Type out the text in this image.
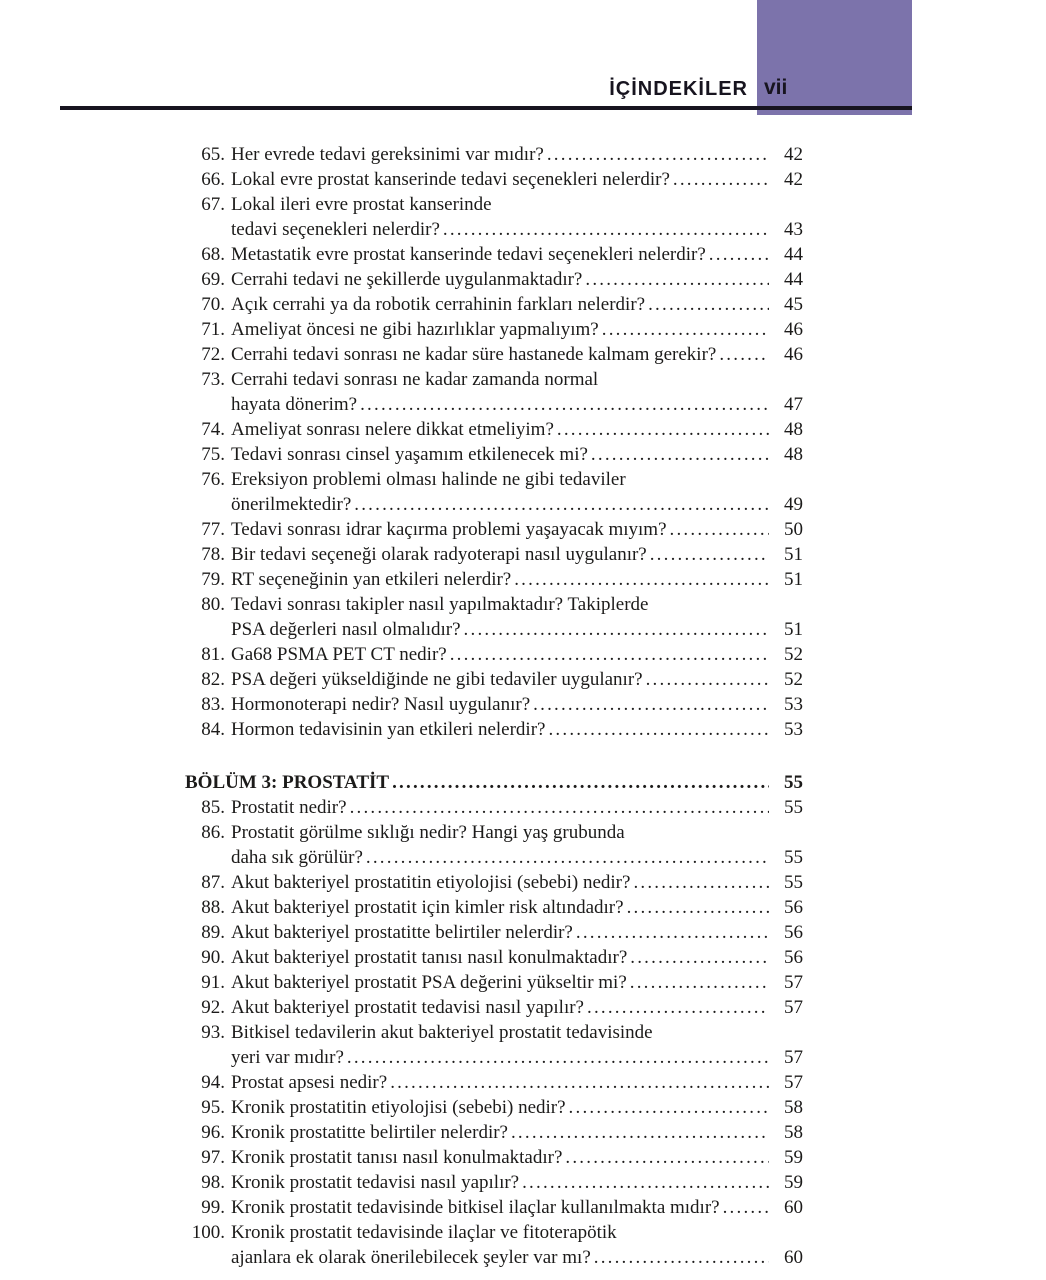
vii
İÇİNDEKİLER
65. Her evrede tedavi gereksinimi var mıdır? .....	42
66. Lokal evre prostat kanserinde tedavi seçenekleri nelerdir? .....	42
67. Lokal ileri evre prostat kanserinde
tedavi seçenekleri nelerdir? .....	43
68. Metastatik evre prostat kanserinde tedavi seçenekleri nelerdir? .....	44
69. Cerrahi tedavi ne şekillerde uygulanmaktadır? .....	44
70. Açık cerrahi ya da robotik cerrahinin farkları nelerdir? .....	45
71. Ameliyat öncesi ne gibi hazırlıklar yapmalıyım? .....	46
72. Cerrahi tedavi sonrası ne kadar süre hastanede kalmam gerekir? .....	46
73. Cerrahi tedavi sonrası ne kadar zamanda normal
hayata dönerim? .....	47
74. Ameliyat sonrası nelere dikkat etmeliyim? .....	48
75. Tedavi sonrası cinsel yaşamım etkilenecek mi? .....	48
76. Ereksiyon problemi olması halinde ne gibi tedaviler
önerilmektedir? .....	49
77. Tedavi sonrası idrar kaçırma problemi yaşayacak mıyım? .....	50
78. Bir tedavi seçeneği olarak radyoterapi nasıl uygulanır? .....	51
79. RT seçeneğinin yan etkileri nelerdir? .....	51
80. Tedavi sonrası takipler nasıl yapılmaktadır? Takiplerde
PSA değerleri nasıl olmalıdır? .....	51
81. Ga68 PSMA PET CT nedir? .....	52
82. PSA değeri yükseldiğinde ne gibi tedaviler uygulanır? .....	52
83. Hormonoterapi nedir? Nasıl uygulanır? .....	53
84. Hormon tedavisinin yan etkileri nelerdir? .....	53
BÖLÜM 3: PROSTATİT .....	55
85. Prostatit nedir? .....	55
86. Prostatit görülme sıklığı nedir? Hangi yaş grubunda
daha sık görülür? .....	55
87. Akut bakteriyel prostatitin etiyolojisi (sebebi) nedir? .....	55
88. Akut bakteriyel prostatit için kimler risk altındadır? .....	56
89. Akut bakteriyel prostatitte belirtiler nelerdir? .....	56
90. Akut bakteriyel prostatit tanısı nasıl konulmaktadır? .....	56
91. Akut bakteriyel prostatit PSA değerini yükseltir mi? .....	57
92. Akut bakteriyel prostatit tedavisi nasıl yapılır? .....	57
93. Bitkisel tedavilerin akut bakteriyel prostatit tedavisinde
yeri var mıdır? .....	57
94. Prostat apsesi nedir? .....	57
95. Kronik prostatitin etiyolojisi (sebebi) nedir? .....	58
96. Kronik prostatitte belirtiler nelerdir? .....	58
97. Kronik prostatit tanısı nasıl konulmaktadır? .....	59
98. Kronik prostatit tedavisi nasıl yapılır? .....	59
99. Kronik prostatit tedavisinde bitkisel ilaçlar kullanılmakta mıdır? .....	60
100. Kronik prostatit tedavisinde ilaçlar ve fitoterapötik
ajanlara ek olarak önerilebilecek şeyler var mı? .....	60
